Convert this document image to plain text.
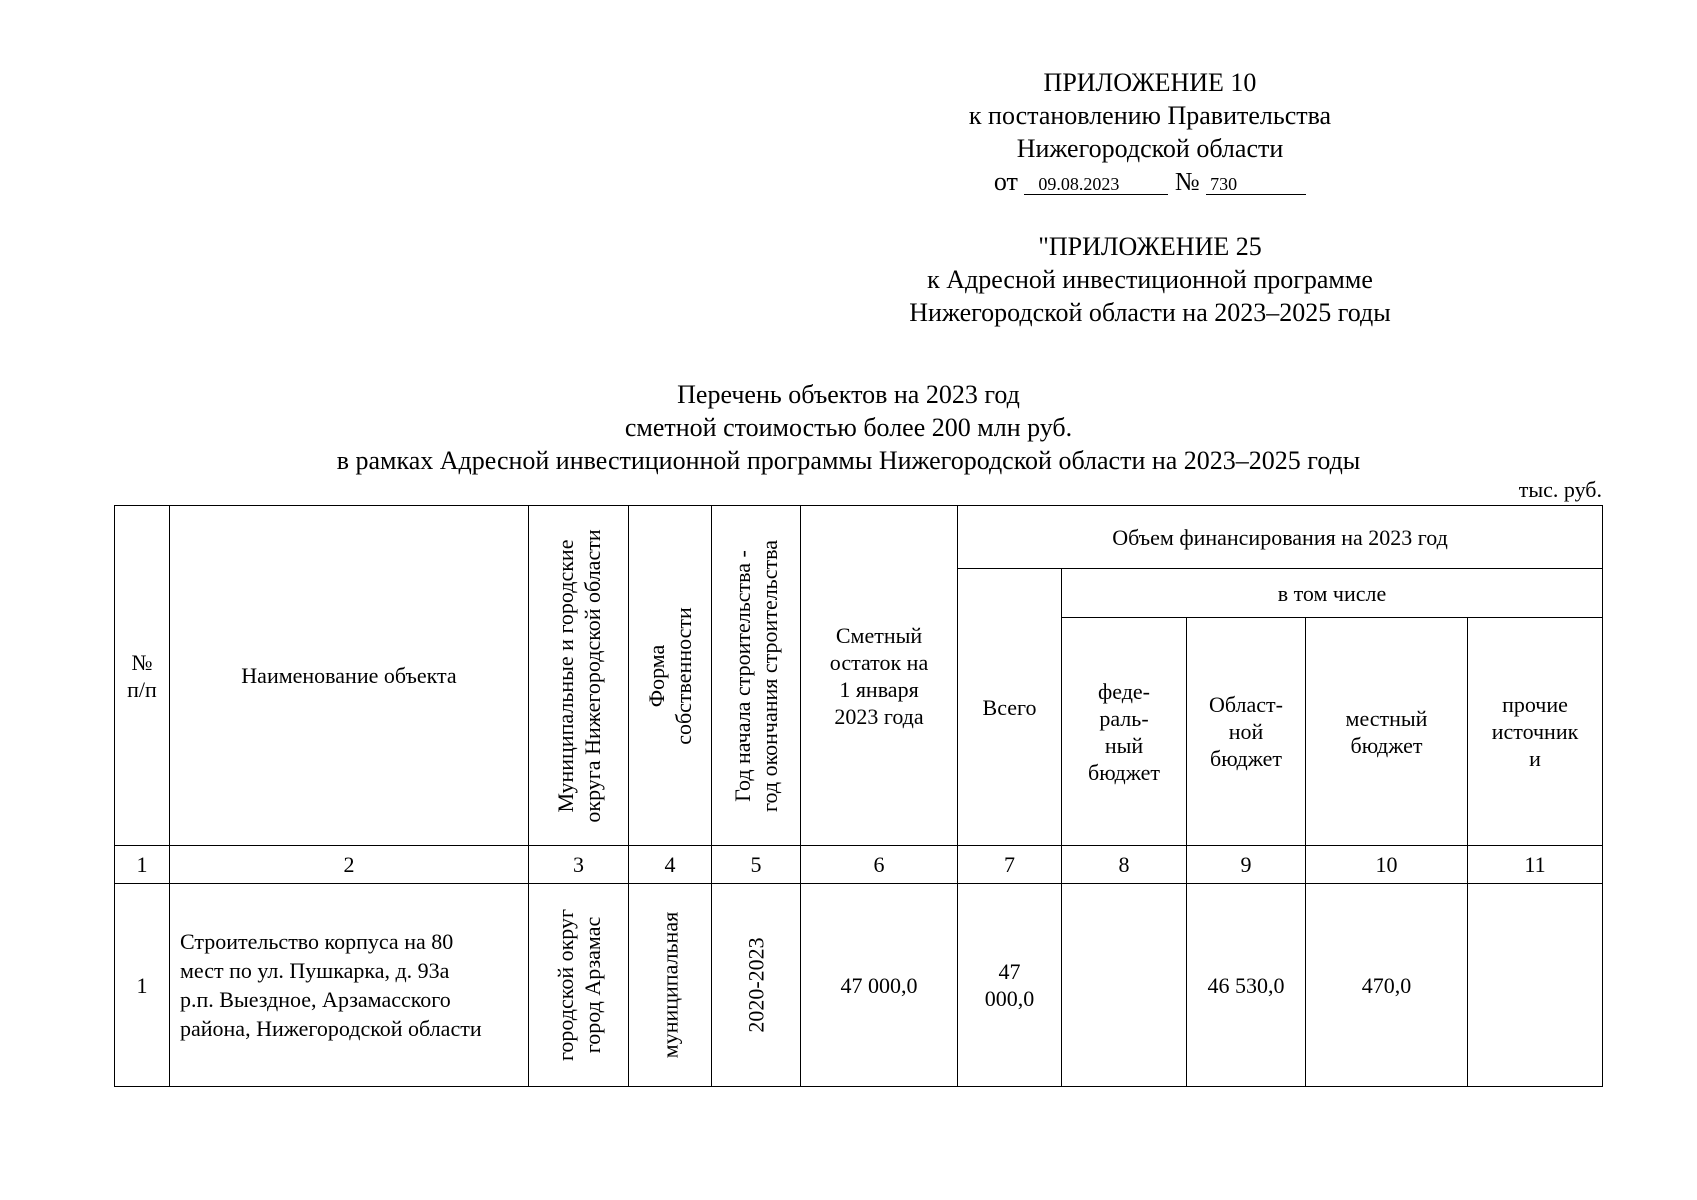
ПРИЛОЖЕНИЕ 10
к постановлению Правительства
Нижегородской области
от 09.08.2023 № 730
"ПРИЛОЖЕНИЕ 25
к Адресной инвестиционной программе
Нижегородской области на 2023–2025 годы
Перечень объектов на 2023 год
сметной стоимостью более 200 млн руб.
в рамках Адресной инвестиционной программы Нижегородской области на 2023–2025 годы
тыс. руб.
№
п/п	Наименование объекта	Муниципальные и городские округа Нижегородской области	Форма собственности	Год начала строительства - год окончания строительства	Сметный
остаток на
1 января
2023 года	Объем финансирования на 2023 год				
						Всего	в том числе			

							феде-
раль-
ный
бюджет	Област-
ной
бюджет	местный
бюджет	прочие
источник
и

1	2	3	4	5	6	7	8	9	10	11
1	Строительство корпуса на 80
мест по ул. Пушкарка, д. 93а
р.п. Выездное, Арзамасского
района, Нижегородской области	городской округ город Арзамас	муниципальная	2020-2023	47 000,0	47
000,0		46 530,0	470,0	
